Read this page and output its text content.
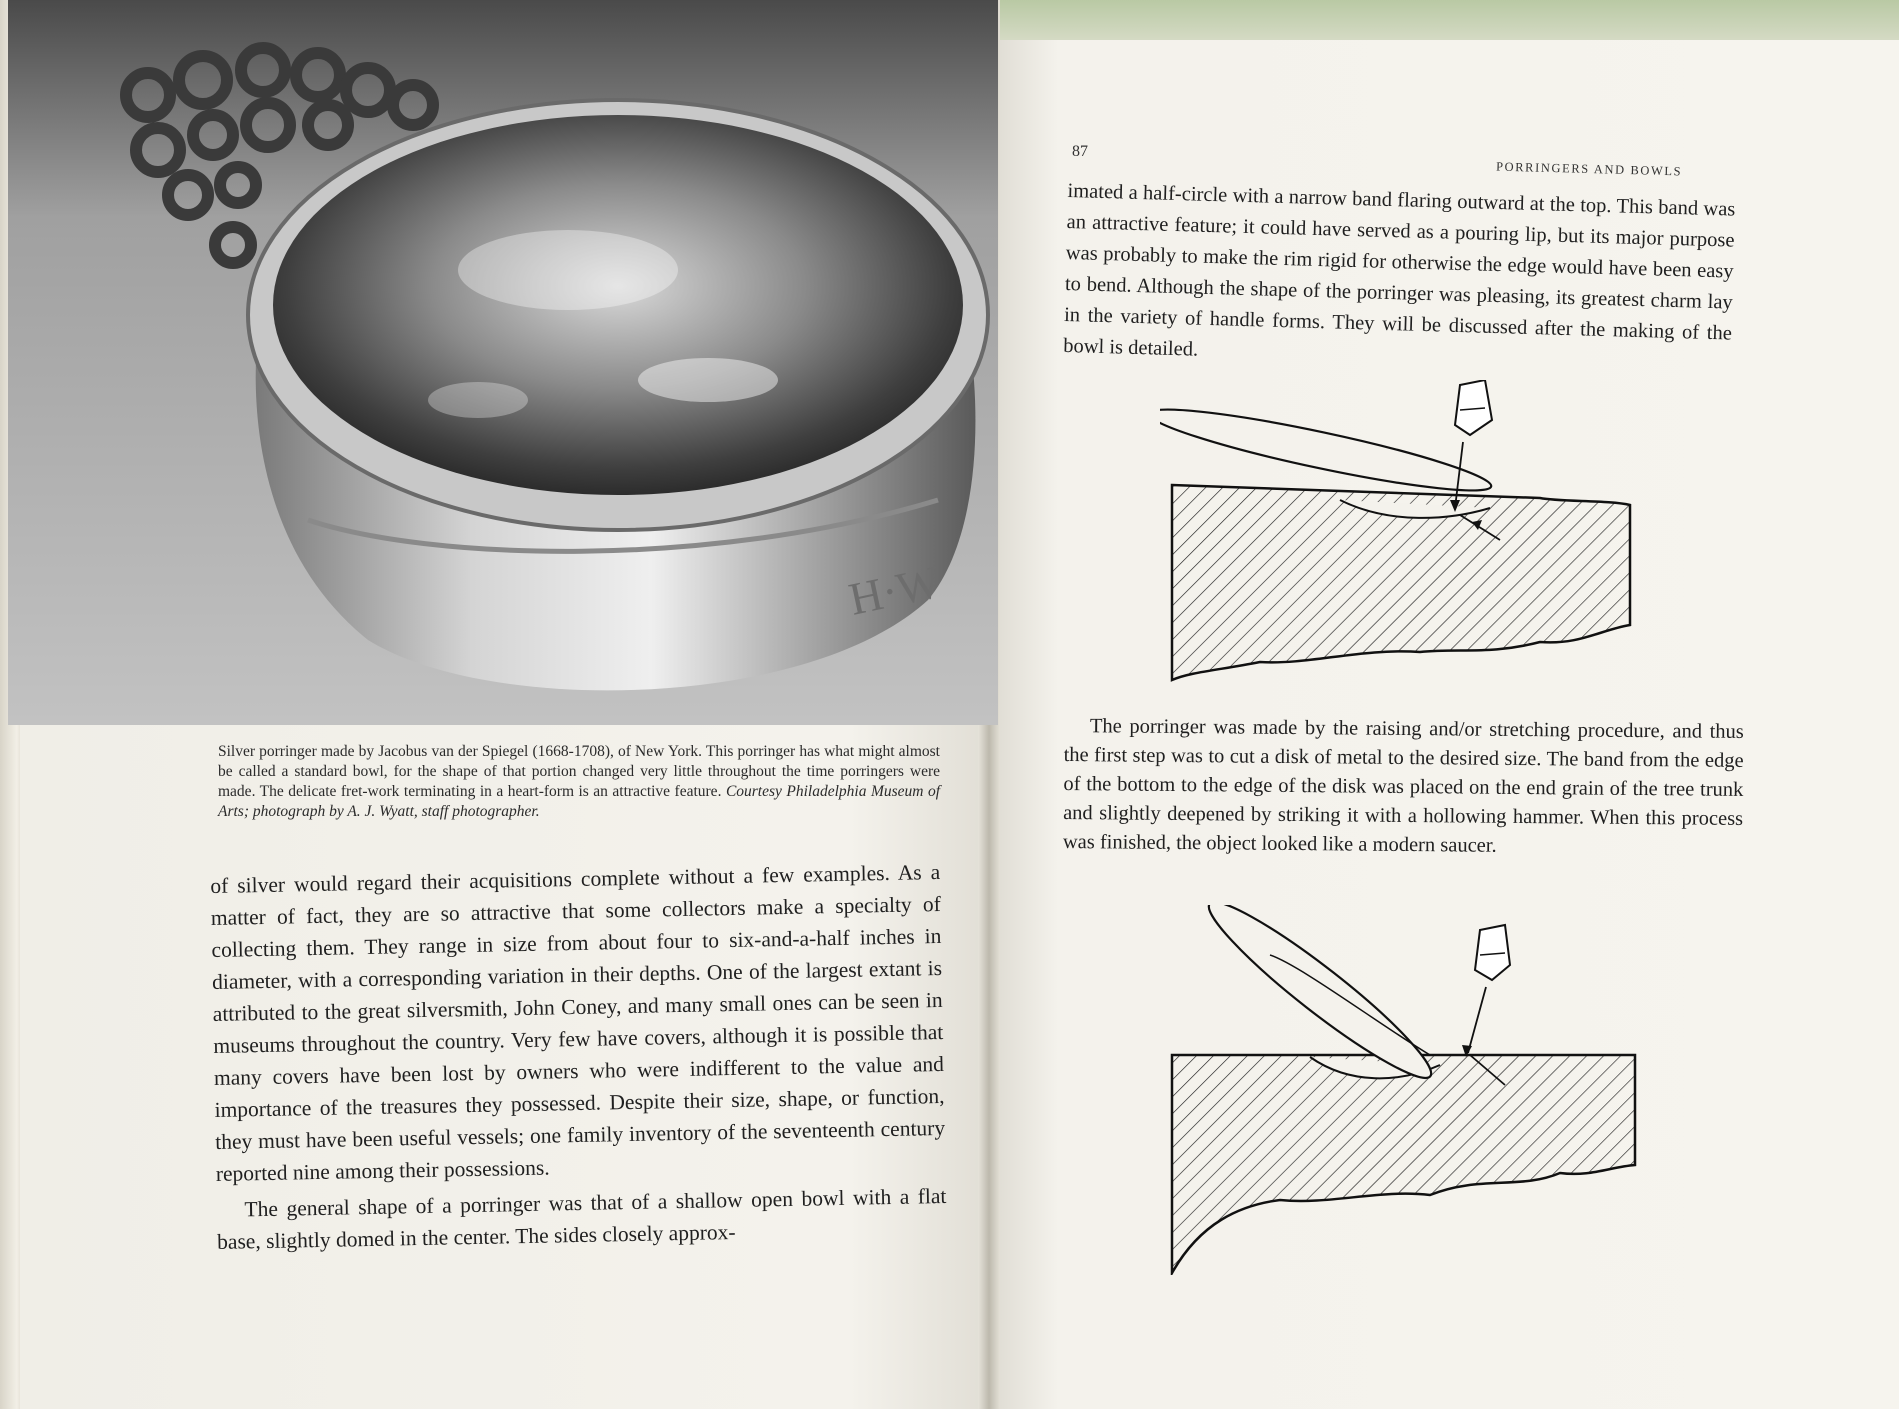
H·W
Silver porringer made by Jacobus van der Spiegel (1668-1708), of New York. This porringer has what might almost be called a standard bowl, for the shape of that portion changed very little throughout the time porringers were made. The delicate fret-work terminating in a heart-form is an attractive feature. Courtesy Philadelphia Museum of Arts; photograph by A. J. Wyatt, staff photographer.

of silver would regard their acquisitions complete without a few examples. As a matter of fact, they are so attractive that some collectors make a specialty of collecting them. They range in size from about four to six-and-a-half inches in diameter, with a corresponding variation in their depths. One of the largest extant is attributed to the great silversmith, John Coney, and many small ones can be seen in museums throughout the country. Very few have covers, although it is possible that many covers have been lost by owners who were indifferent to the value and importance of the treasures they possessed. Despite their size, shape, or function, they must have been useful vessels; one family inventory of the seventeenth century reported nine among their possessions.

The general shape of a porringer was that of a shallow open bowl with a flat base, slightly domed in the center. The sides closely approx-

87
PORRINGERS AND BOWLS
imated a half-circle with a narrow band flaring outward at the top. This band was an attractive feature; it could have served as a pouring lip, but its major purpose was probably to make the rim rigid for otherwise the edge would have been easy to bend. Although the shape of the porringer was pleasing, its greatest charm lay in the variety of handle forms. They will be discussed after the making of the bowl is detailed.

The porringer was made by the raising and/or stretching procedure, and thus the first step was to cut a disk of metal to the desired size. The band from the edge of the bottom to the edge of the disk was placed on the end grain of the tree trunk and slightly deepened by striking it with a hollowing hammer. When this process was finished, the object looked like a modern saucer.
